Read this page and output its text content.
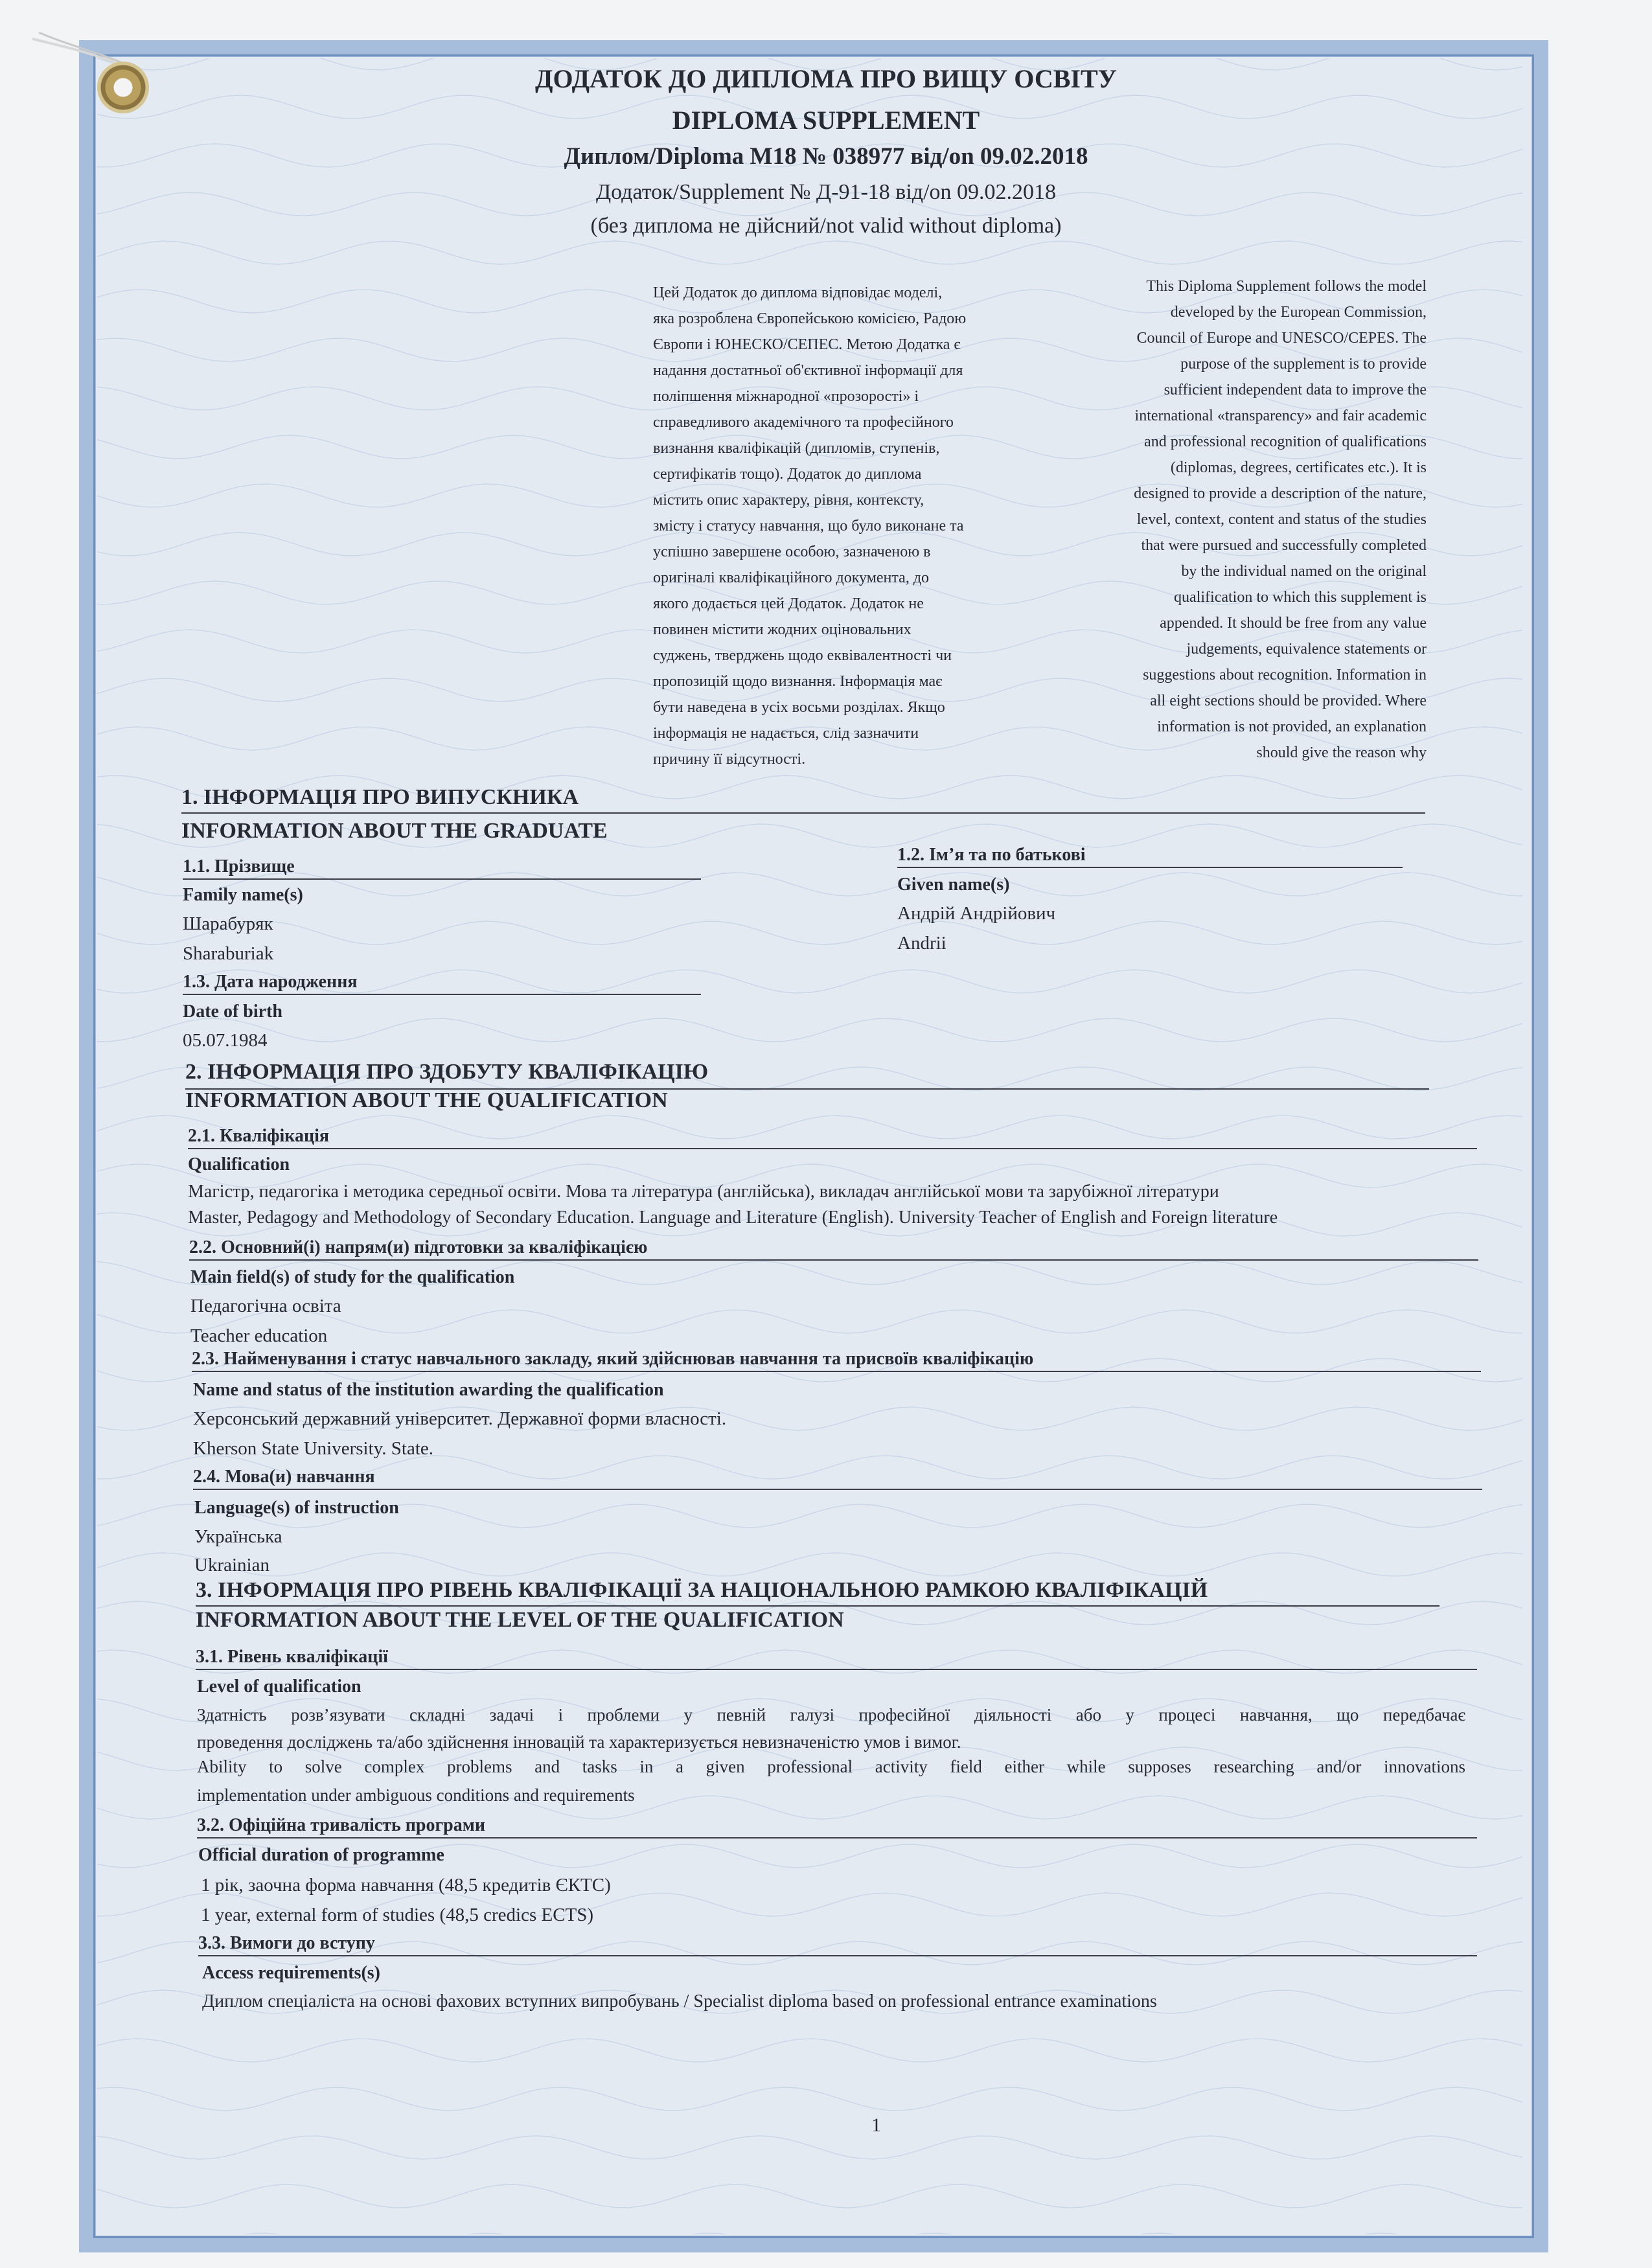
ДОДАТОК ДО ДИПЛОМА ПРО ВИЩУ ОСВІТУ
DIPLOMA SUPPLEMENT
Диплом/Diploma М18 № 038977 від/on 09.02.2018
Додаток/Supplement № Д-91-18 від/on 09.02.2018
(без диплома не дійсний/not valid without diploma)
Цей Додаток до диплома відповідає моделі,
яка розроблена Європейською комісією, Радою
Європи і ЮНЕСКО/СЕПЕС. Метою Додатка є
надання достатньої об'єктивної інформації для
поліпшення міжнародної «прозорості» і
справедливого академічного та професійного
визнання кваліфікацій (дипломів, ступенів,
сертифікатів тощо). Додаток до диплома
містить опис характеру, рівня, контексту,
змісту і статусу навчання, що було виконане та
успішно завершене особою, зазначеною в
оригіналі кваліфікаційного документа, до
якого додається цей Додаток. Додаток не
повинен містити жодних оціновальних
суджень, тверджень щодо еквівалентності чи
пропозицій щодо визнання. Інформація має
бути наведена в усіх восьми розділах. Якщо
інформація не надається, слід зазначити
причину її відсутності.
This Diploma Supplement follows the model
developed by the European Commission,
Council of Europe and UNESCO/CEPES. The
purpose of the supplement is to provide
sufficient independent data to improve the
international «transparency» and fair academic
and professional recognition of qualifications
(diplomas, degrees, certificates etc.). It is
designed to provide a description of the nature,
level, context, content and status of the studies
that were pursued and successfully completed
by the individual named on the original
qualification to which this supplement is
appended. It should be free from any value
judgements, equivalence statements or
suggestions about recognition. Information in
all eight sections should be provided. Where
information is not provided, an explanation
should give the reason why
1. ІНФОРМАЦІЯ ПРО ВИПУСКНИКА
INFORMATION ABOUT THE GRADUATE
1.1. Прізвище
Family name(s)
Шарабуряк
Sharaburiak
1.2. Ім’я та по батькові
Given name(s)
Андрій Андрійович
Andrii
1.3. Дата народження
Date of birth
05.07.1984
2. ІНФОРМАЦІЯ ПРО ЗДОБУТУ КВАЛІФІКАЦІЮ
INFORMATION ABOUT THE QUALIFICATION
2.1. Кваліфікація
Qualification
Магістр, педагогіка і методика середньої освіти. Мова та література (англійська), викладач англійської мови та зарубіжної літератури
Master, Pedagogy and Methodology of Secondary Education. Language and Literature (English). University Teacher of English and Foreign literature
2.2. Основний(і) напрям(и) підготовки за кваліфікацією
Main field(s) of study for the qualification
Педагогічна освіта
Teacher education
2.3. Найменування і статус навчального закладу, який здійснював навчання та присвоїв кваліфікацію
Name and status of the institution awarding the qualification
Херсонський державний університет. Державної форми власності.
Kherson State University. State.
2.4. Мова(и) навчання
Language(s) of instruction
Українська
Ukrainian
3. ІНФОРМАЦІЯ ПРО РІВЕНЬ КВАЛІФІКАЦІЇ ЗА НАЦІОНАЛЬНОЮ РАМКОЮ КВАЛІФІКАЦІЙ
INFORMATION ABOUT THE LEVEL OF THE QUALIFICATION
3.1. Рівень кваліфікації
Level of qualification
Здатність розв’язувати складні задачі і проблеми у певній галузі професійної діяльності або у процесі навчання, що передбачає
проведення досліджень та/або здійснення інновацій та характеризується невизначеністю умов і вимог.
Ability to solve complex problems and tasks in a given professional activity field either while supposes researching and/or innovations
implementation under ambiguous conditions and requirements
3.2. Офіційна тривалість програми
Official duration of programme
1 рік, заочна форма навчання (48,5 кредитів ЄКТС)
1 year, external form of studies (48,5 credics ECTS)
3.3. Вимоги до вступу
Access requirements(s)
Диплом спеціаліста на основі фахових вступних випробувань / Specialist diploma based on professional entrance examinations
1
